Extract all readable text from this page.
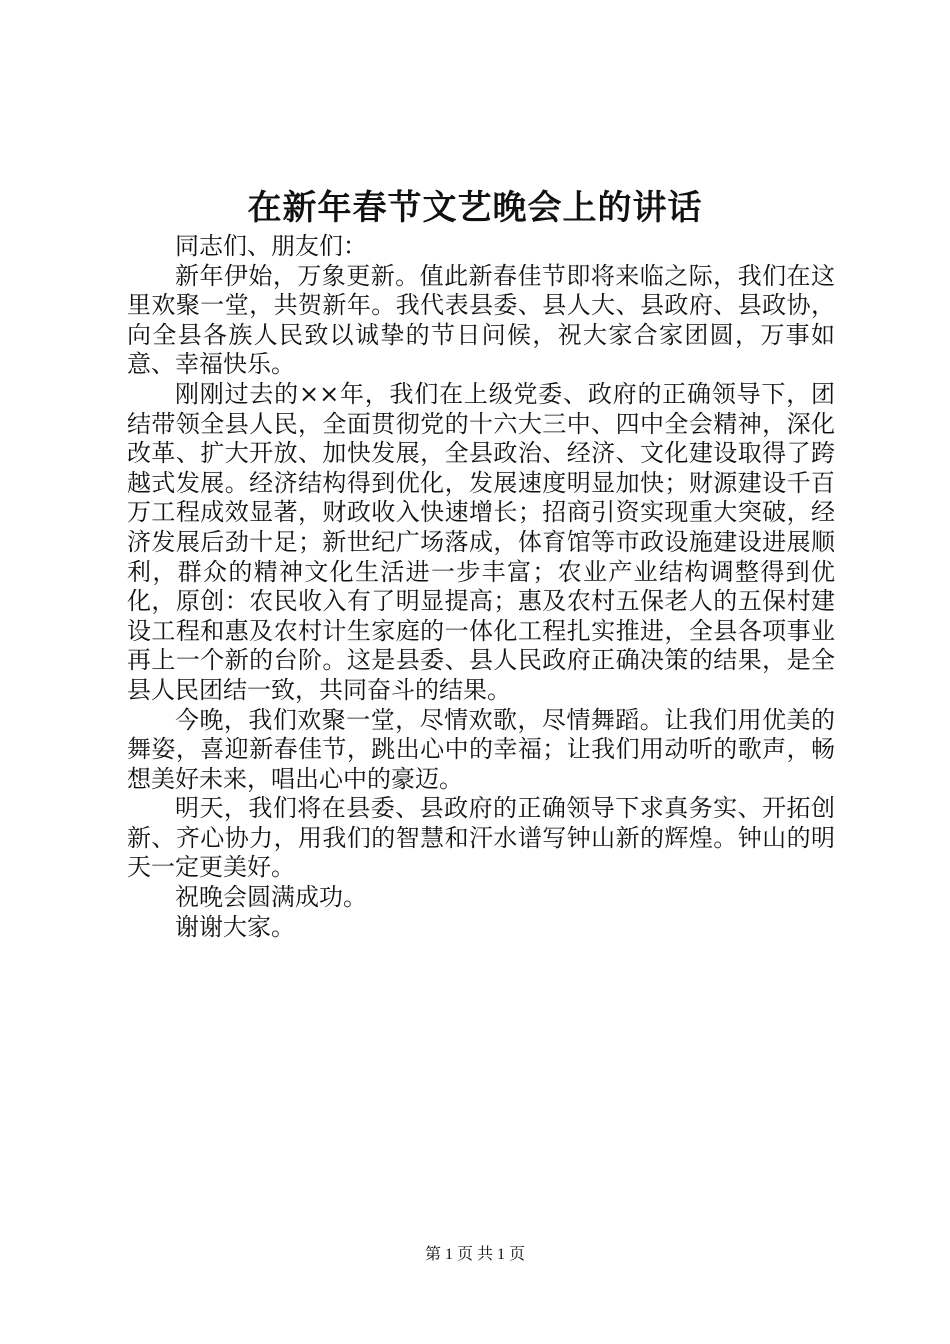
在新年春节文艺晚会上的讲话

同志们、朋友们：

新年伊始，万象更新。值此新春佳节即将来临之际，我们在这里欢聚一堂，共贺新年。我代表县委、县人大、县政府、县政协，向全县各族人民致以诚挚的节日问候，祝大家合家团圆，万事如意、幸福快乐。

刚刚过去的××年，我们在上级党委、政府的正确领导下，团结带领全县人民，全面贯彻党的十六大三中、四中全会精神，深化改革、扩大开放、加快发展，全县政治、经济、文化建设取得了跨越式发展。经济结构得到优化，发展速度明显加快；财源建设千百万工程成效显著，财政收入快速增长；招商引资实现重大突破，经济发展后劲十足；新世纪广场落成，体育馆等市政设施建设进展顺利，群众的精神文化生活进一步丰富；农业产业结构调整得到优化，原创：农民收入有了明显提高；惠及农村五保老人的五保村建设工程和惠及农村计生家庭的一体化工程扎实推进，全县各项事业再上一个新的台阶。这是县委、县人民政府正确决策的结果，是全县人民团结一致，共同奋斗的结果。

今晚，我们欢聚一堂，尽情欢歌，尽情舞蹈。让我们用优美的舞姿，喜迎新春佳节，跳出心中的幸福；让我们用动听的歌声，畅想美好未来，唱出心中的豪迈。

明天，我们将在县委、县政府的正确领导下求真务实、开拓创新、齐心协力，用我们的智慧和汗水谱写钟山新的辉煌。钟山的明天一定更美好。

祝晚会圆满成功。

谢谢大家。

第 1 页 共 1 页
